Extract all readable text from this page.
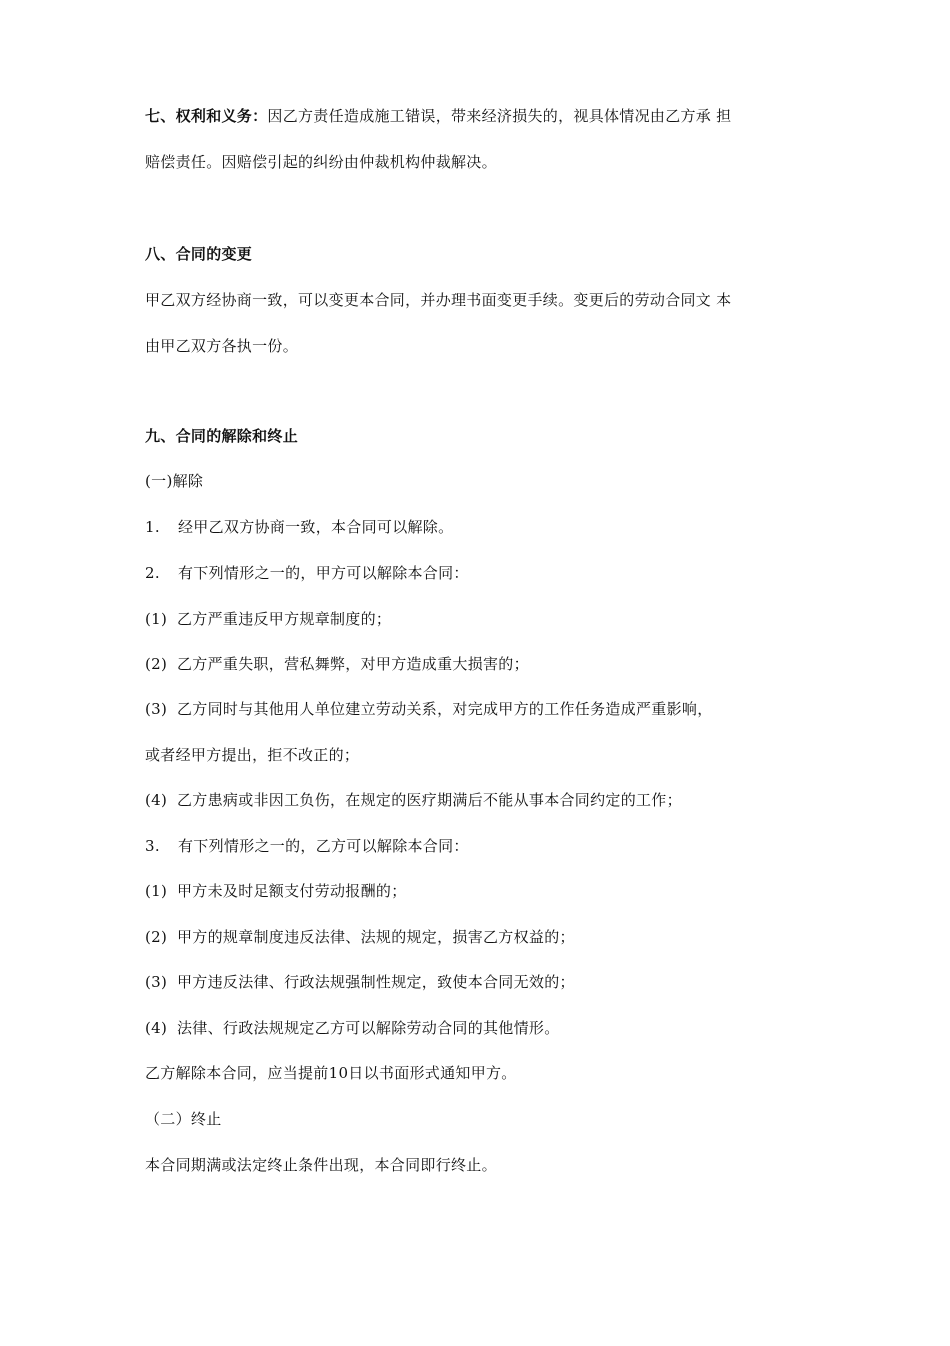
七、权利和义务：因乙方责任造成施工错误，带来经济损失的，视具体情况由乙方承 担
赔偿责任。因赔偿引起的纠纷由仲裁机构仲裁解决。
八、合同的变更
甲乙双方经协商一致，可以变更本合同，并办理书面变更手续。变更后的劳动合同文 本
由甲乙双方各执一份。
九、合同的解除和终止
(一)解除
1. 经甲乙双方协商一致，本合同可以解除。
2. 有下列情形之一的，甲方可以解除本合同：
(1) 乙方严重违反甲方规章制度的；
(2) 乙方严重失职，营私舞弊，对甲方造成重大损害的；
(3) 乙方同时与其他用人单位建立劳动关系，对完成甲方的工作任务造成严重影响，
或者经甲方提出，拒不改正的；
(4) 乙方患病或非因工负伤，在规定的医疗期满后不能从事本合同约定的工作；
3. 有下列情形之一的，乙方可以解除本合同：
(1) 甲方未及时足额支付劳动报酬的；
(2) 甲方的规章制度违反法律、法规的规定，损害乙方权益的；
(3) 甲方违反法律、行政法规强制性规定，致使本合同无效的；
(4) 法律、行政法规规定乙方可以解除劳动合同的其他情形。
乙方解除本合同，应当提前10日以书面形式通知甲方。
（二）终止
本合同期满或法定终止条件出现，本合同即行终止。
